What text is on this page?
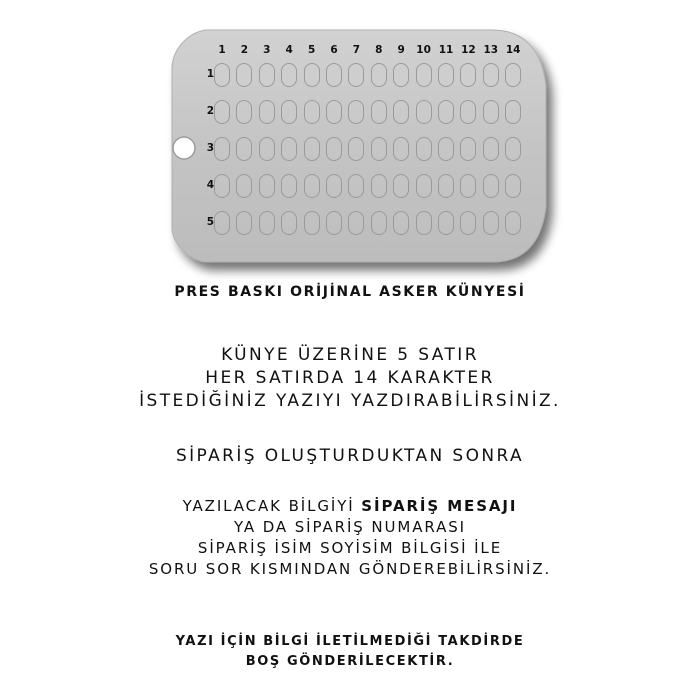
1	2	3	4	5	6	7	8	9	10 11 12 13 14
1
2
3
4
5
PRES BASKI ORİJİNAL ASKER KÜNYESİ
KÜNYE ÜZERİNE 5 SATIR
HER SATIRDA 14 KARAKTER
İSTEDİĞİNİZ YAZIYI YAZDIRABİLİRSİNİZ.
SİPARİŞ OLUŞTURDUKTAN SONRA
YAZILACAK BİLGİYİ SİPARİŞ MESAJI
YA DA SİPARİŞ NUMARASI
SİPARİŞ İSİM SOYİSİM BİLGİSİ İLE
SORU SOR KISMINDAN GÖNDEREBİLİRSİNİZ.
YAZI İÇİN BİLGİ İLETİLMEDİĞİ TAKDİRDE
BOŞ GÖNDERİLECEKTİR.
